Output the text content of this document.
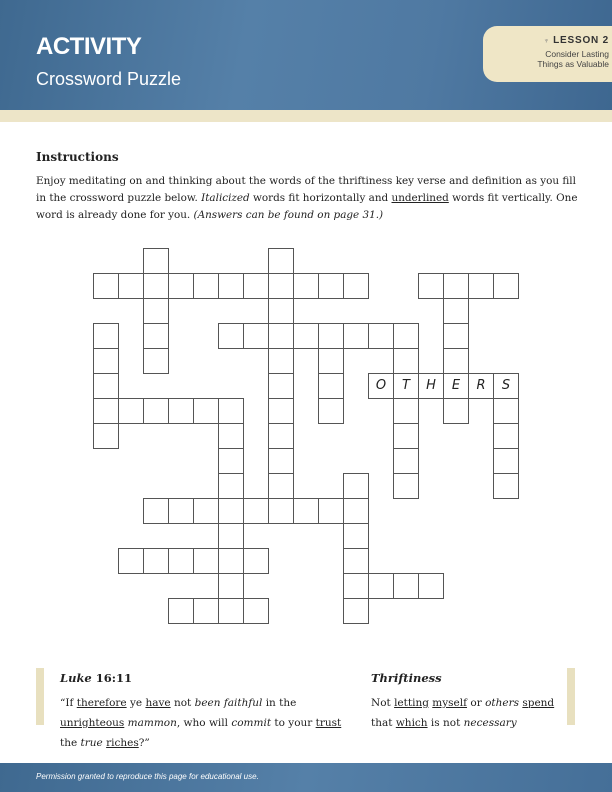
ACTIVITY
Crossword Puzzle
♆ LESSON 2
Consider Lasting
Things as Valuable
Instructions
Enjoy meditating on and thinking about the words of the thriftiness key verse and definition as you fill in the crossword puzzle below. Italicized words fit horizontally and underlined words fit vertically. One word is already done for you. (Answers can be found on page 31.)
O	T	H	E	R	S
Luke 16:11
“If therefore ye have not been faithful in the unrighteous mammon, who will commit to your trust the true riches?”
Thriftiness
Not letting myself or others spend that which is not necessary
Permission granted to reproduce this page for educational use.
